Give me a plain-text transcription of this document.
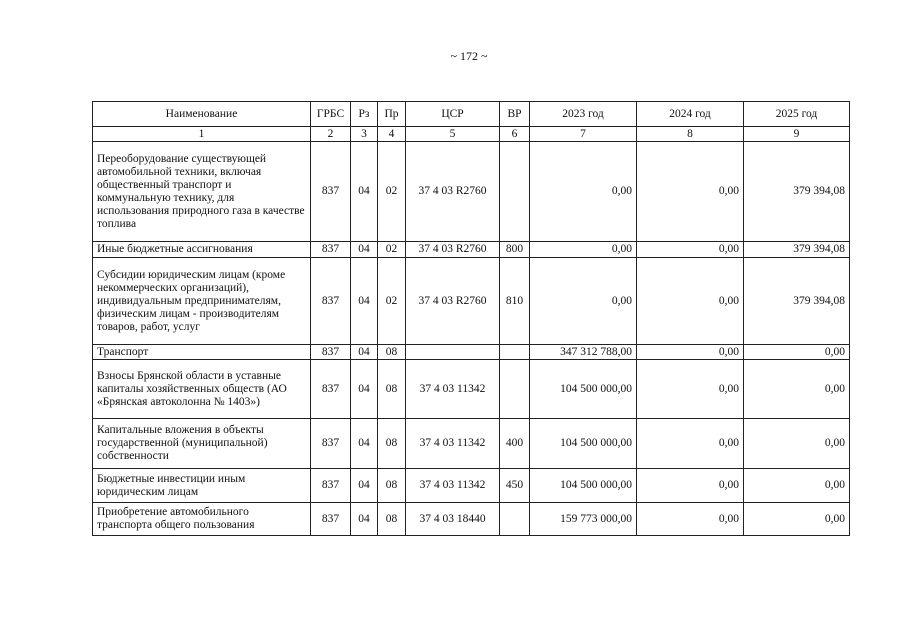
~ 172 ~
Наименование	ГРБС	Рз	Пр	ЦСР	ВР	2023 год	2024 год	2025 год
1	2	3	4	5	6	7	8	9
Переоборудование существующей автомобильной техники, включая общественный транспорт и коммунальную технику, для использования природного газа в качестве топлива	837	04	02	37 4 03 R2760		0,00	0,00	379 394,08
Иные бюджетные ассигнования	837	04	02	37 4 03 R2760	800	0,00	0,00	379 394,08
Субсидии юридическим лицам (кроме некоммерческих организаций), индивидуальным предпринимателям, физическим лицам - производителям товаров, работ, услуг	837	04	02	37 4 03 R2760	810	0,00	0,00	379 394,08
Транспорт	837	04	08			347 312 788,00	0,00	0,00
Взносы Брянской области в уставные капиталы хозяйственных обществ (АО «Брянская автоколонна № 1403»)	837	04	08	37 4 03 11342		104 500 000,00	0,00	0,00
Капитальные вложения в объекты государственной (муниципальной) собственности	837	04	08	37 4 03 11342	400	104 500 000,00	0,00	0,00
Бюджетные инвестиции иным юридическим лицам	837	04	08	37 4 03 11342	450	104 500 000,00	0,00	0,00
Приобретение автомобильного транспорта общего пользования	837	04	08	37 4 03 18440		159 773 000,00	0,00	0,00
